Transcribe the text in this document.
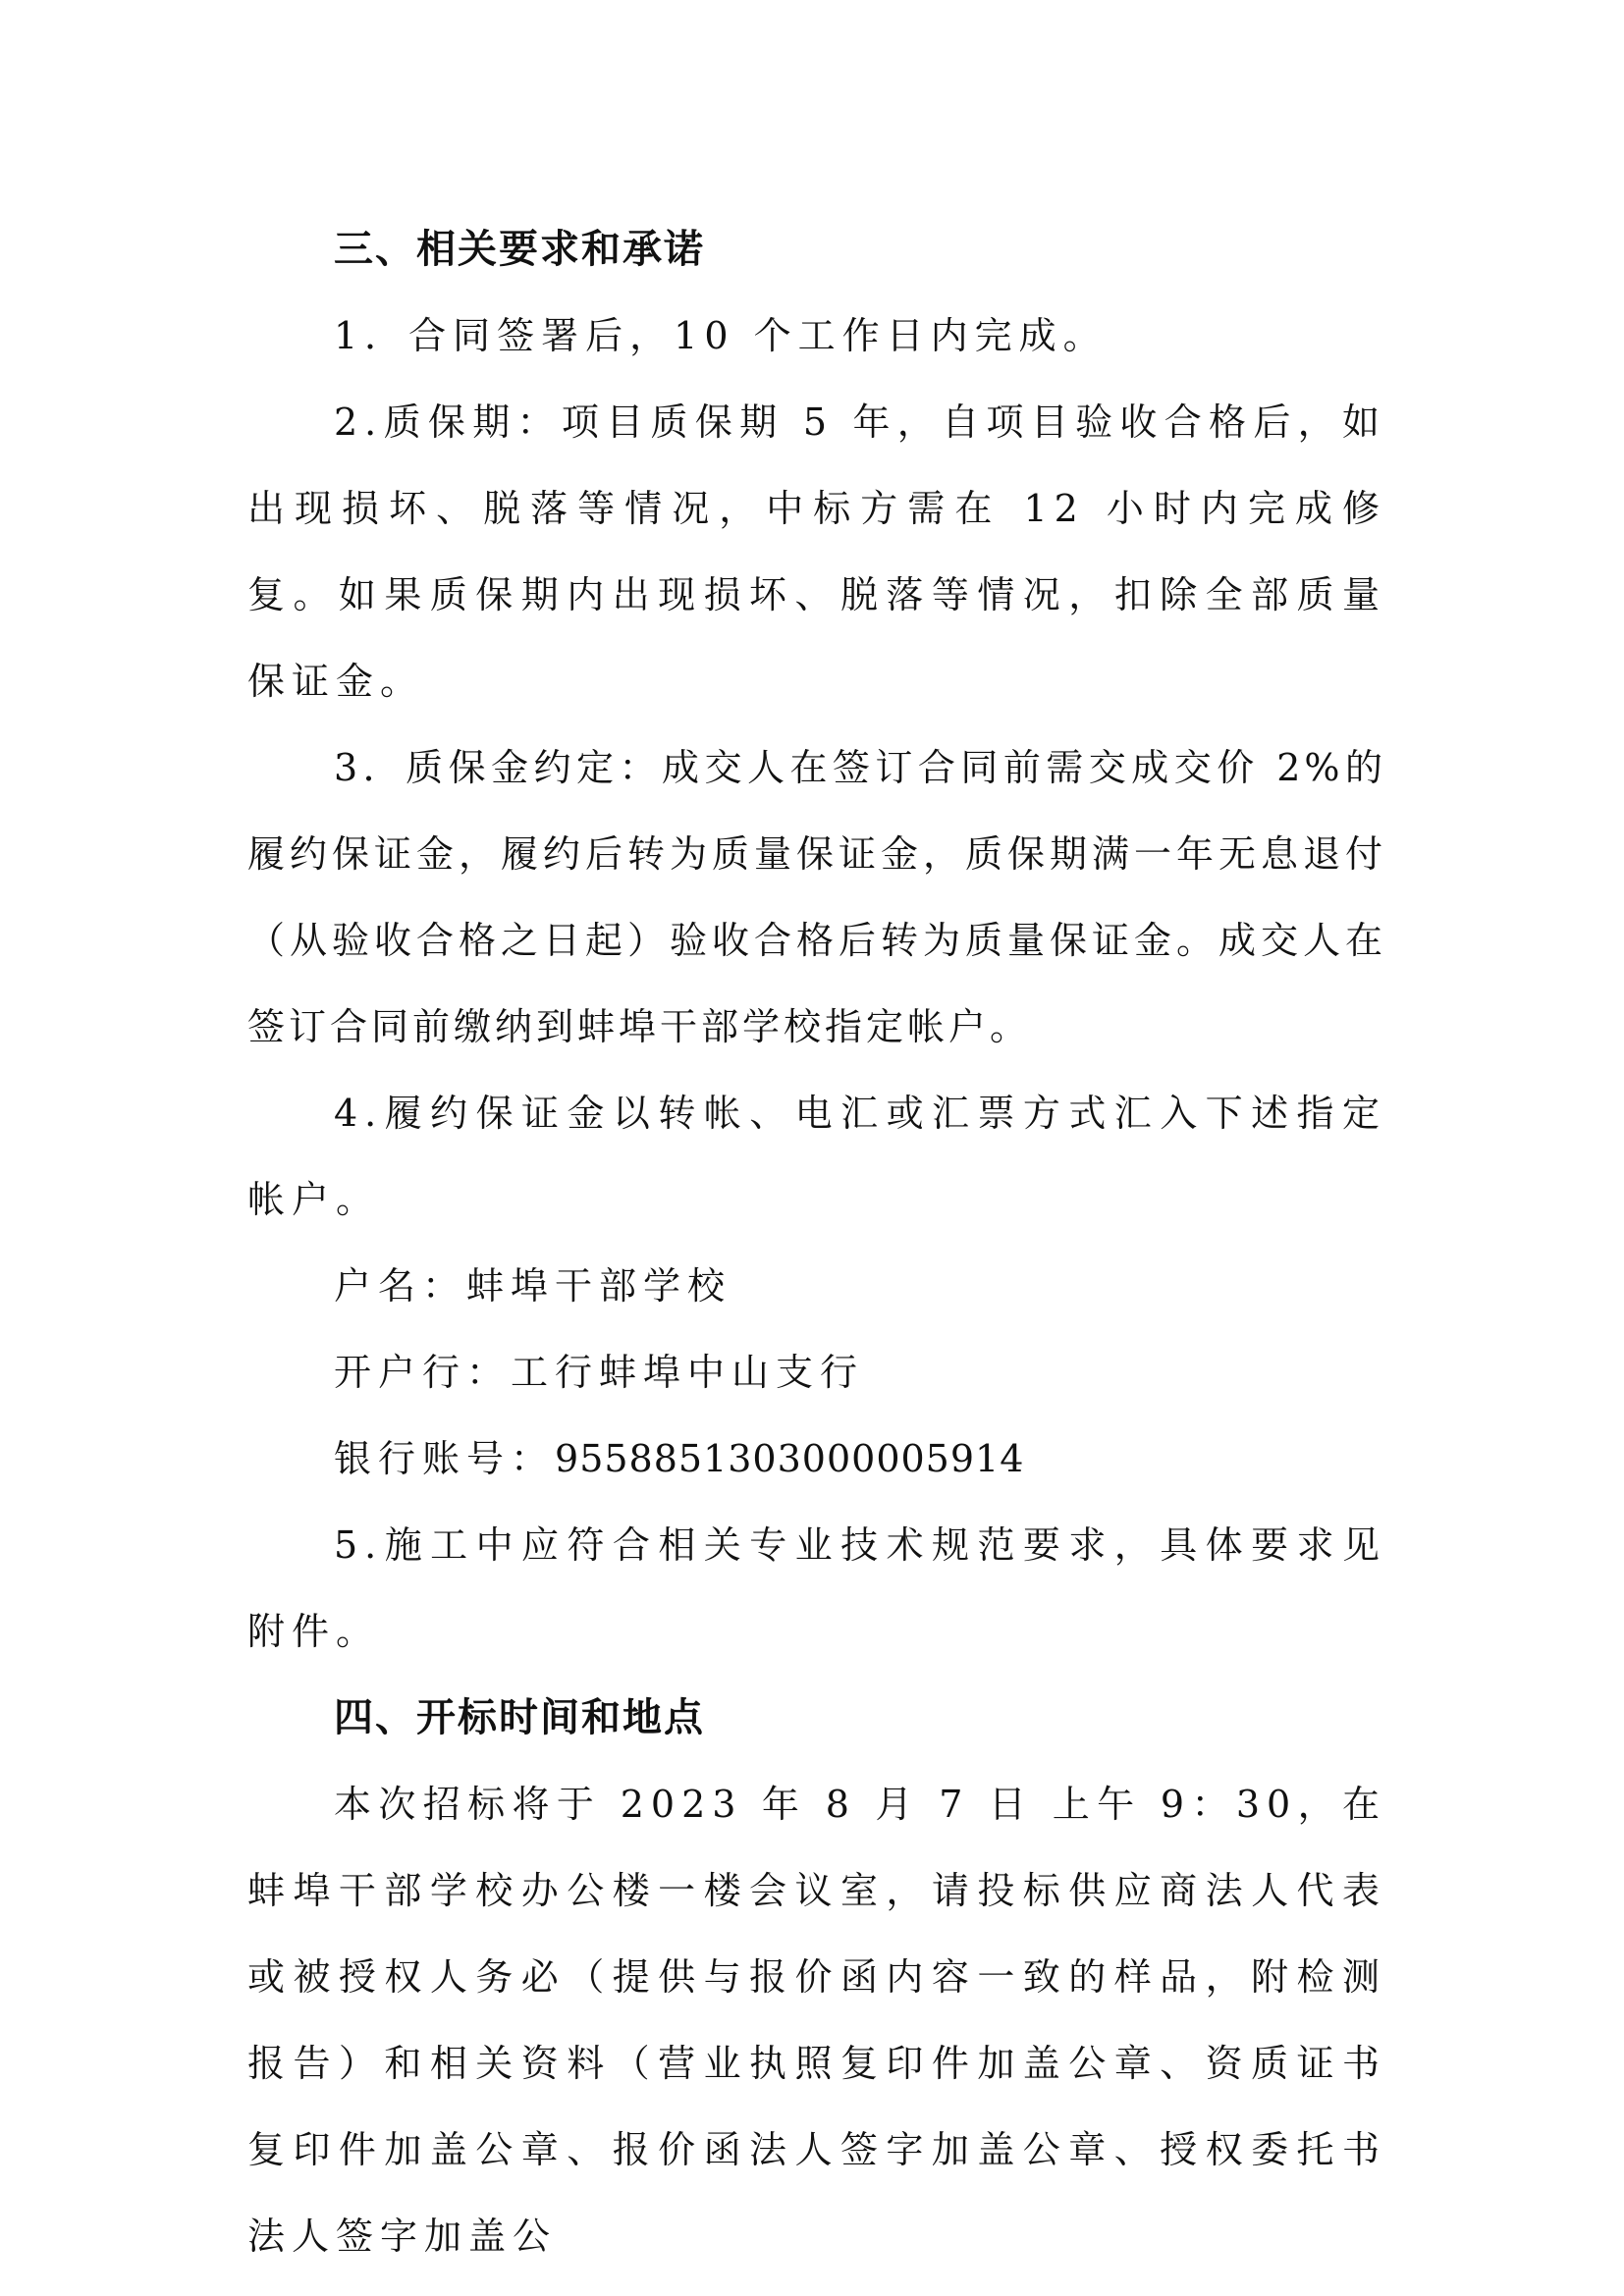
三、相关要求和承诺

1．合同签署后，10 个工作日内完成。

2.质保期：项目质保期 5 年，自项目验收合格后，如出现损坏、脱落等情况，中标方需在 12 小时内完成修复。如果质保期内出现损坏、脱落等情况，扣除全部质量保证金。

3．质保金约定：成交人在签订合同前需交成交价 2%的履约保证金，履约后转为质量保证金，质保期满一年无息退付（从验收合格之日起）验收合格后转为质量保证金。成交人在签订合同前缴纳到蚌埠干部学校指定帐户。

4.履约保证金以转帐、电汇或汇票方式汇入下述指定帐户。

户名：蚌埠干部学校
开户行：工行蚌埠中山支行
银行账号：9558851303000005914

5.施工中应符合相关专业技术规范要求，具体要求见附件。

四、开标时间和地点

本次招标将于 2023 年 8 月 7 日 上午 9：30，在蚌埠干部学校办公楼一楼会议室，请投标供应商法人代表或被授权人务必（提供与报价函内容一致的样品，附检测报告）和相关资料（营业执照复印件加盖公章、资质证书复印件加盖公章、报价函法人签字加盖公章、授权委托书法人签字加盖公
